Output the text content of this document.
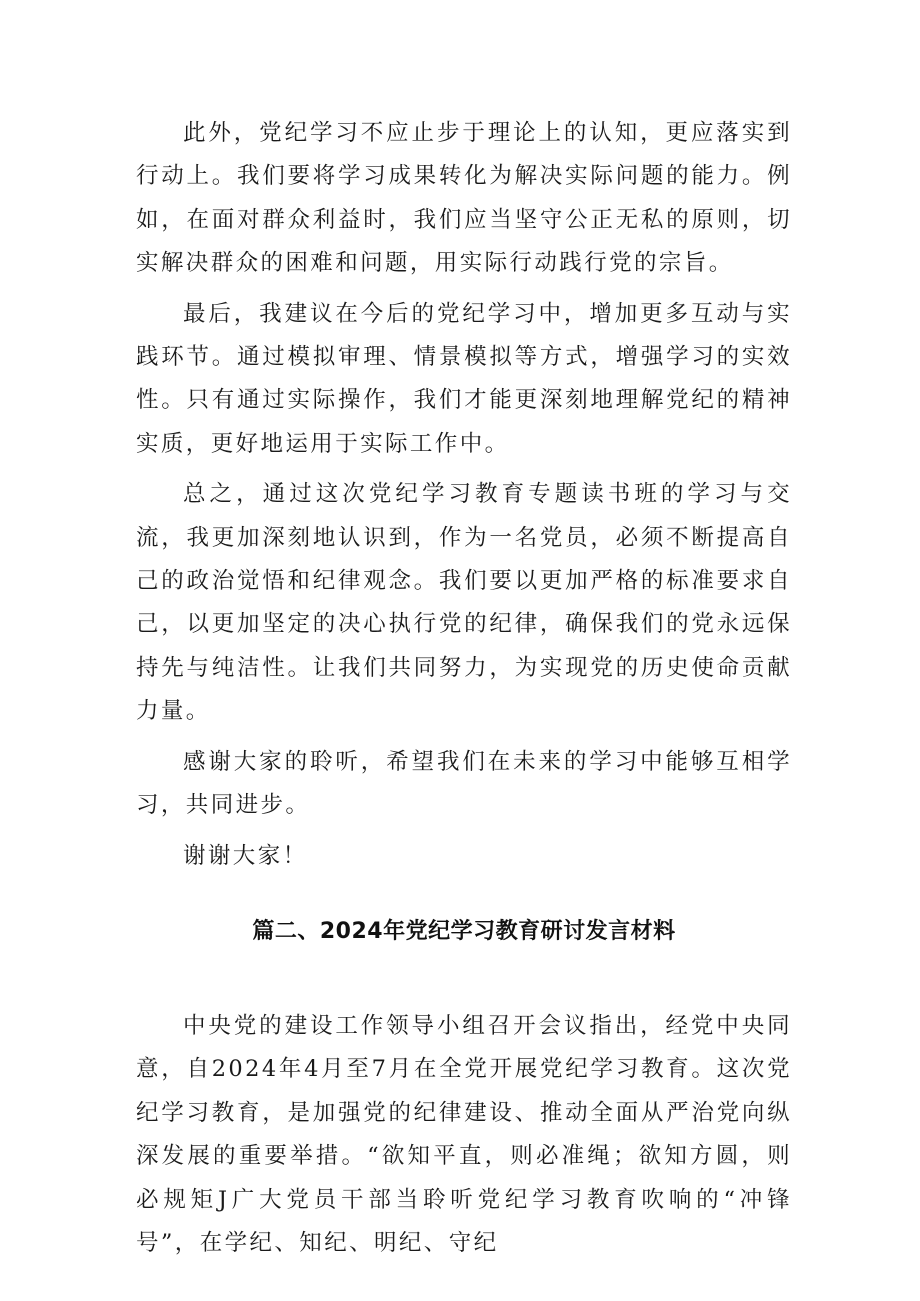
此外，党纪学习不应止步于理论上的认知，更应落实到行动上。我们要将学习成果转化为解决实际问题的能力。例如，在面对群众利益时，我们应当坚守公正无私的原则，切实解决群众的困难和问题，用实际行动践行党的宗旨。

最后，我建议在今后的党纪学习中，增加更多互动与实践环节。通过模拟审理、情景模拟等方式，增强学习的实效性。只有通过实际操作，我们才能更深刻地理解党纪的精神实质，更好地运用于实际工作中。

总之，通过这次党纪学习教育专题读书班的学习与交流，我更加深刻地认识到，作为一名党员，必须不断提高自己的政治觉悟和纪律观念。我们要以更加严格的标准要求自己，以更加坚定的决心执行党的纪律，确保我们的党永远保持先与纯洁性。让我们共同努力，为实现党的历史使命贡献力量。

感谢大家的聆听，希望我们在未来的学习中能够互相学习，共同进步。

谢谢大家！

篇二、2024年党纪学习教育研讨发言材料

中央党的建设工作领导小组召开会议指出，经党中央同意，自2024年4月至7月在全党开展党纪学习教育。这次党纪学习教育，是加强党的纪律建设、推动全面从严治党向纵深发展的重要举措。“欲知平直，则必准绳；欲知方圆，则必规矩J广大党员干部当聆听党纪学习教育吹响的“冲锋号”，在学纪、知纪、明纪、守纪
